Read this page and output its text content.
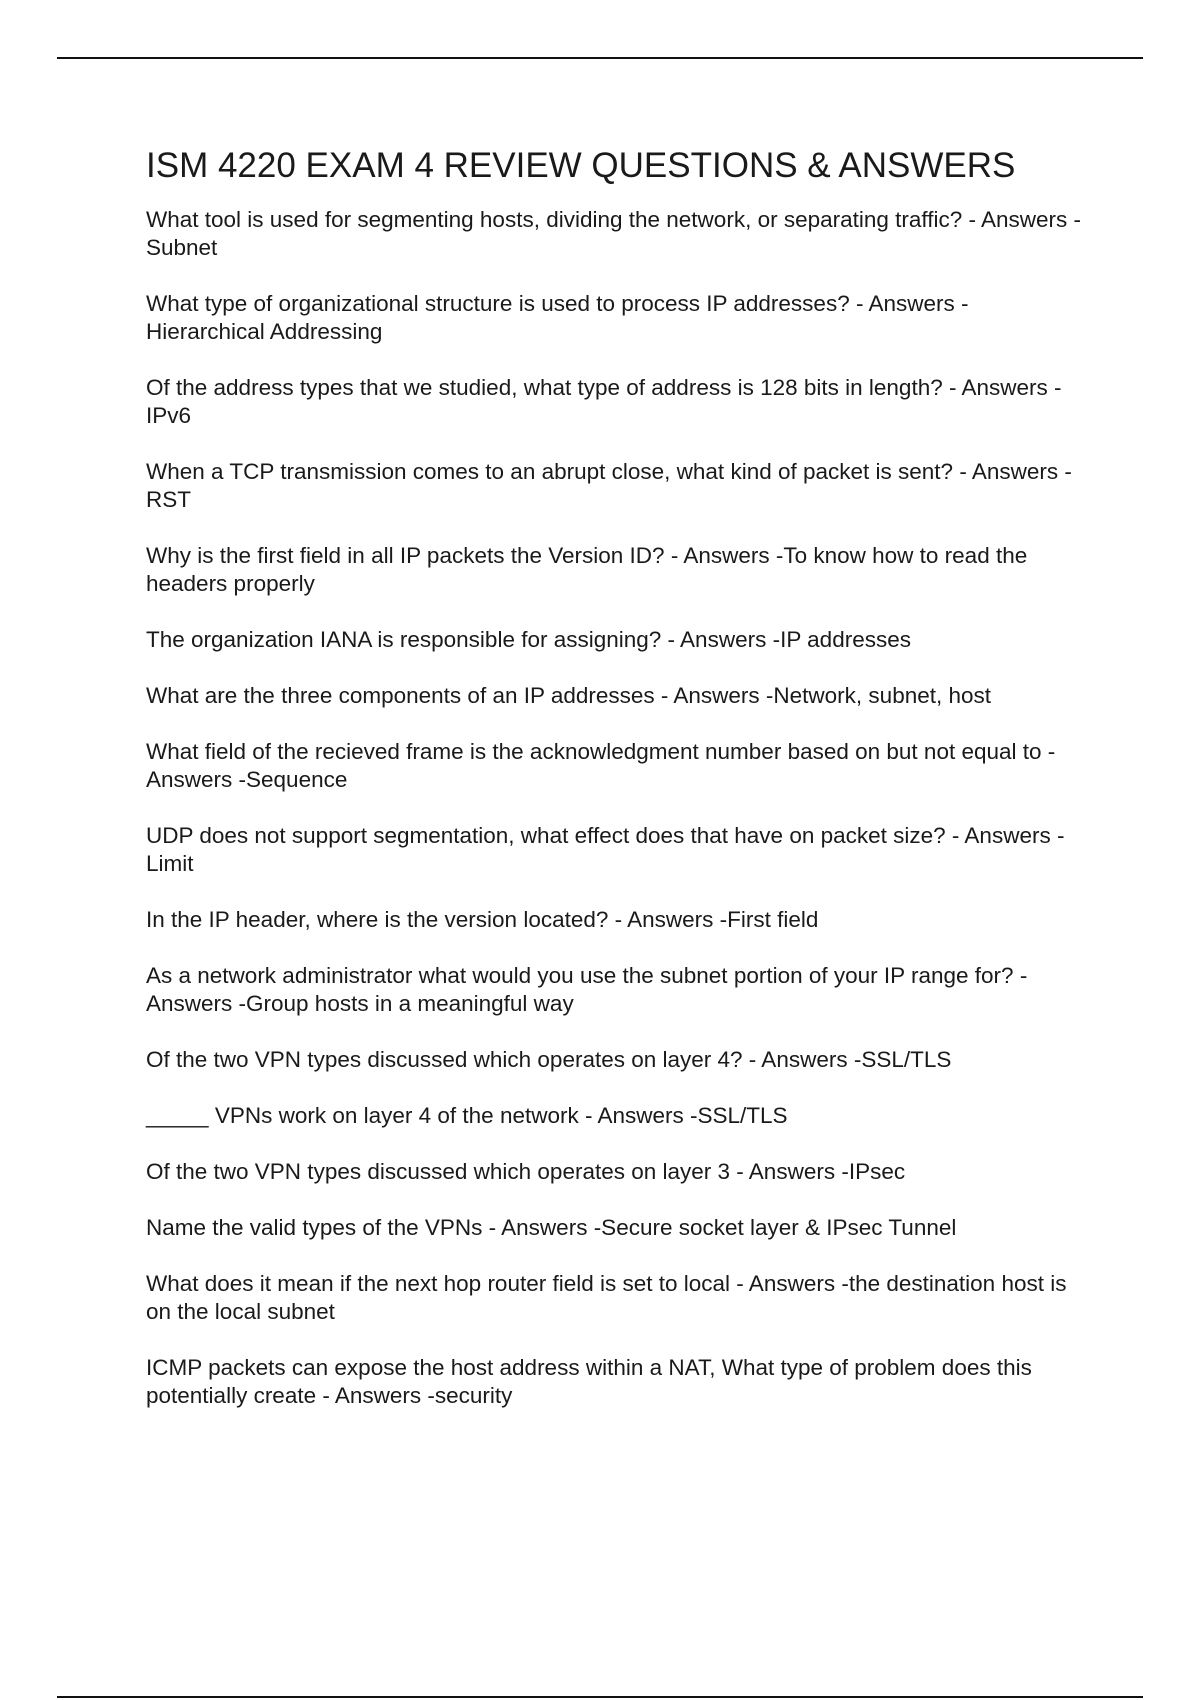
ISM 4220 EXAM 4 REVIEW QUESTIONS & ANSWERS
What tool is used for segmenting hosts, dividing the network, or separating traffic? - Answers -Subnet
What type of organizational structure is used to process IP addresses? - Answers -Hierarchical Addressing
Of the address types that we studied, what type of address is 128 bits in length? - Answers -IPv6
When a TCP transmission comes to an abrupt close, what kind of packet is sent? - Answers -RST
Why is the first field in all IP packets the Version ID? - Answers -To know how to read the headers properly
The organization IANA is responsible for assigning? - Answers -IP addresses
What are the three components of an IP addresses - Answers -Network, subnet, host
What field of the recieved frame is the acknowledgment number based on but not equal to - Answers -Sequence
UDP does not support segmentation, what effect does that have on packet size? - Answers -Limit
In the IP header, where is the version located? - Answers -First field
As a network administrator what would you use the subnet portion of your IP range for? - Answers -Group hosts in a meaningful way
Of the two VPN types discussed which operates on layer 4? - Answers -SSL/TLS
_____ VPNs work on layer 4 of the network - Answers -SSL/TLS
Of the two VPN types discussed which operates on layer 3 - Answers -IPsec
Name the valid types of the VPNs - Answers -Secure socket layer & IPsec Tunnel
What does it mean if the next hop router field is set to local - Answers -the destination host is on the local subnet
ICMP packets can expose the host address within a NAT, What type of problem does this potentially create - Answers -security
